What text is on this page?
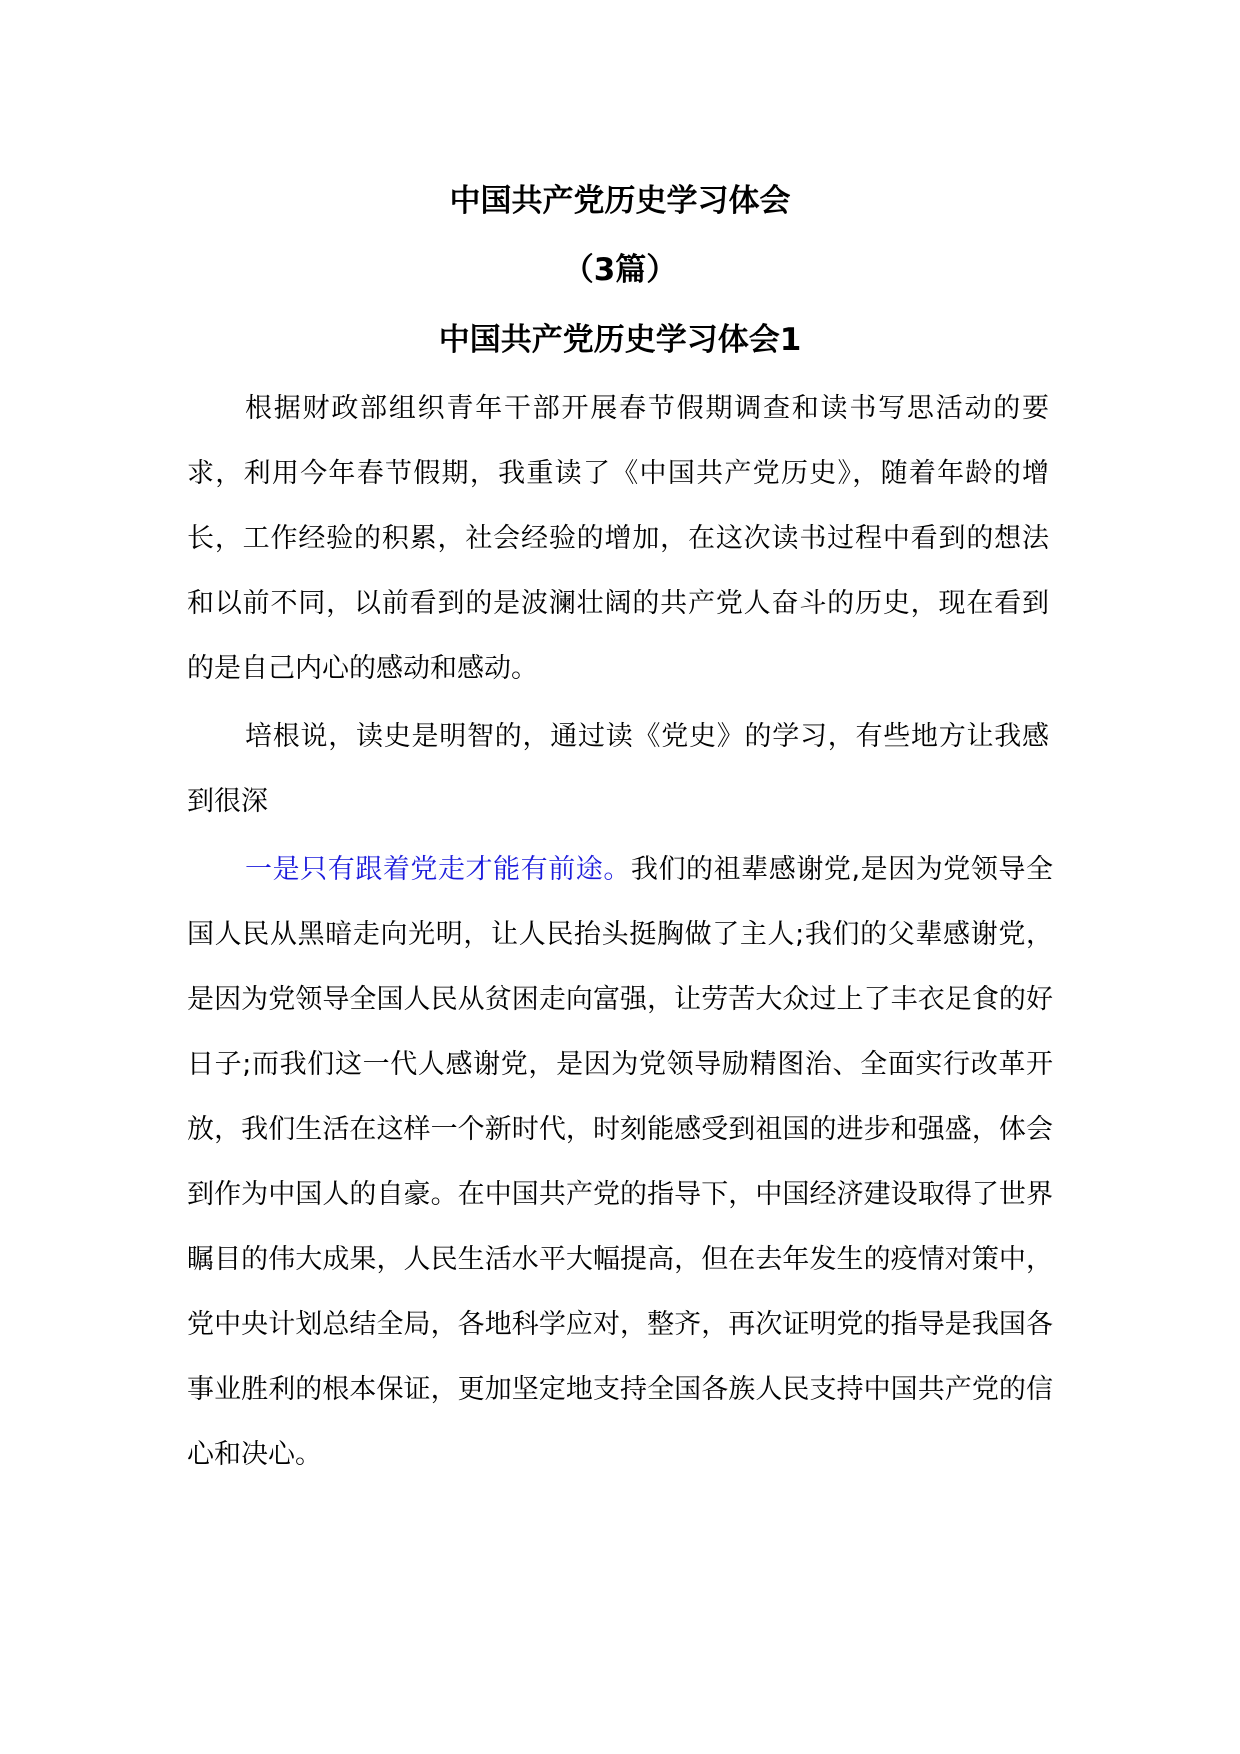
中国共产党历史学习体会
（3篇）
中国共产党历史学习体会1

根据财政部组织青年干部开展春节假期调查和读书写思活动的要求，利用今年春节假期，我重读了《中国共产党历史》，随着年龄的增长，工作经验的积累，社会经验的增加，在这次读书过程中看到的想法和以前不同，以前看到的是波澜壮阔的共产党人奋斗的历史，现在看到的是自己内心的感动和感动。

培根说，读史是明智的，通过读《党史》的学习，有些地方让我感到很深

一是只有跟着党走才能有前途。我们的祖辈感谢党,是因为党领导全国人民从黑暗走向光明，让人民抬头挺胸做了主人;我们的父辈感谢党，是因为党领导全国人民从贫困走向富强，让劳苦大众过上了丰衣足食的好日子;而我们这一代人感谢党，是因为党领导励精图治、全面实行改革开放，我们生活在这样一个新时代，时刻能感受到祖国的进步和强盛，体会到作为中国人的自豪。在中国共产党的指导下，中国经济建设取得了世界瞩目的伟大成果，人民生活水平大幅提高，但在去年发生的疫情对策中，党中央计划总结全局，各地科学应对，整齐，再次证明党的指导是我国各事业胜利的根本保证，更加坚定地支持全国各族人民支持中国共产党的信心和决心。
